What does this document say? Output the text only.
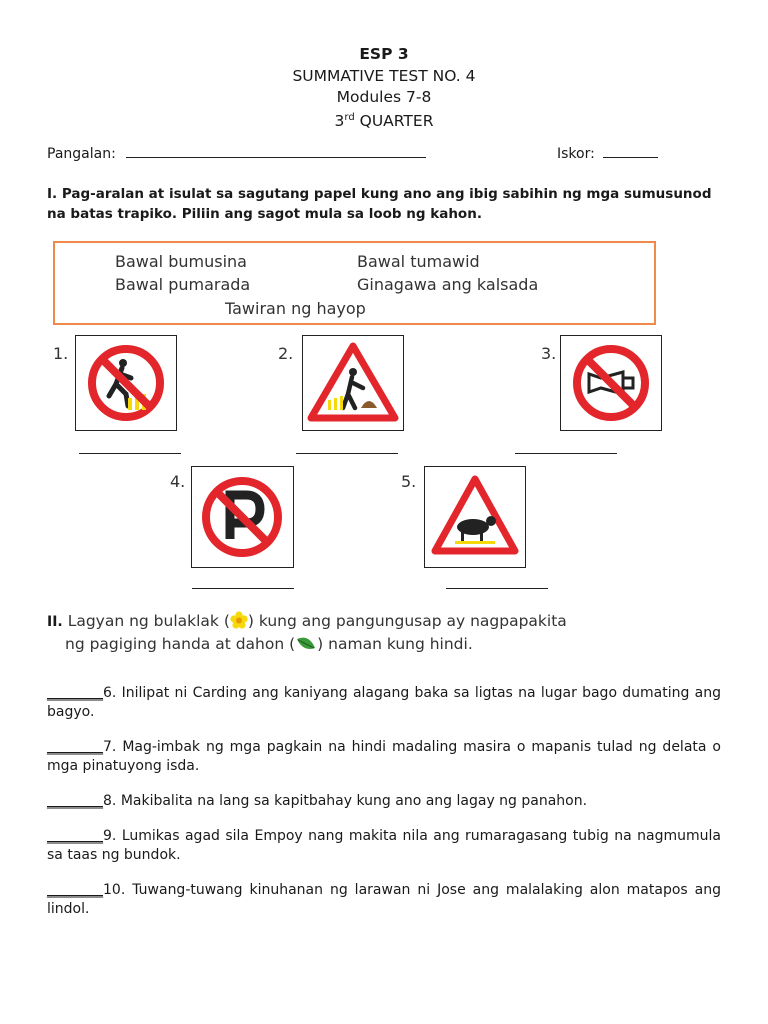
ESP 3
SUMMATIVE TEST NO. 4
Modules 7-8
3rd QUARTER
Pangalan:	Iskor:
I. Pag-aralan at isulat sa sagutang papel kung ano ang ibig sabihin ng mga sumusunod
na batas trapiko. Piliin ang sagot mula sa loob ng kahon.
Bawal bumusina	Bawal tumawid
Bawal pumarada	Ginagawa ang kalsada
Tawiran ng hayop
1.	2.	3.
4.	5.
II. Lagyan ng bulaklak ( ) kung ang pangungusap ay nagpapakita
ng pagiging handa at dahon ( ) naman kung hindi.
________6. Inilipat ni Carding ang kaniyang alagang baka sa ligtas na lugar bago dumating ang bagyo.
________7. Mag-imbak ng mga pagkain na hindi madaling masira o mapanis tulad ng delata o mga pinatuyong isda.
________8. Makibalita na lang sa kapitbahay kung ano ang lagay ng panahon.
________9. Lumikas agad sila Empoy nang makita nila ang rumaragasang tubig na nagmumula sa taas ng bundok.
________10. Tuwang-tuwang kinuhanan ng larawan ni Jose ang malalaking alon matapos ang lindol.
